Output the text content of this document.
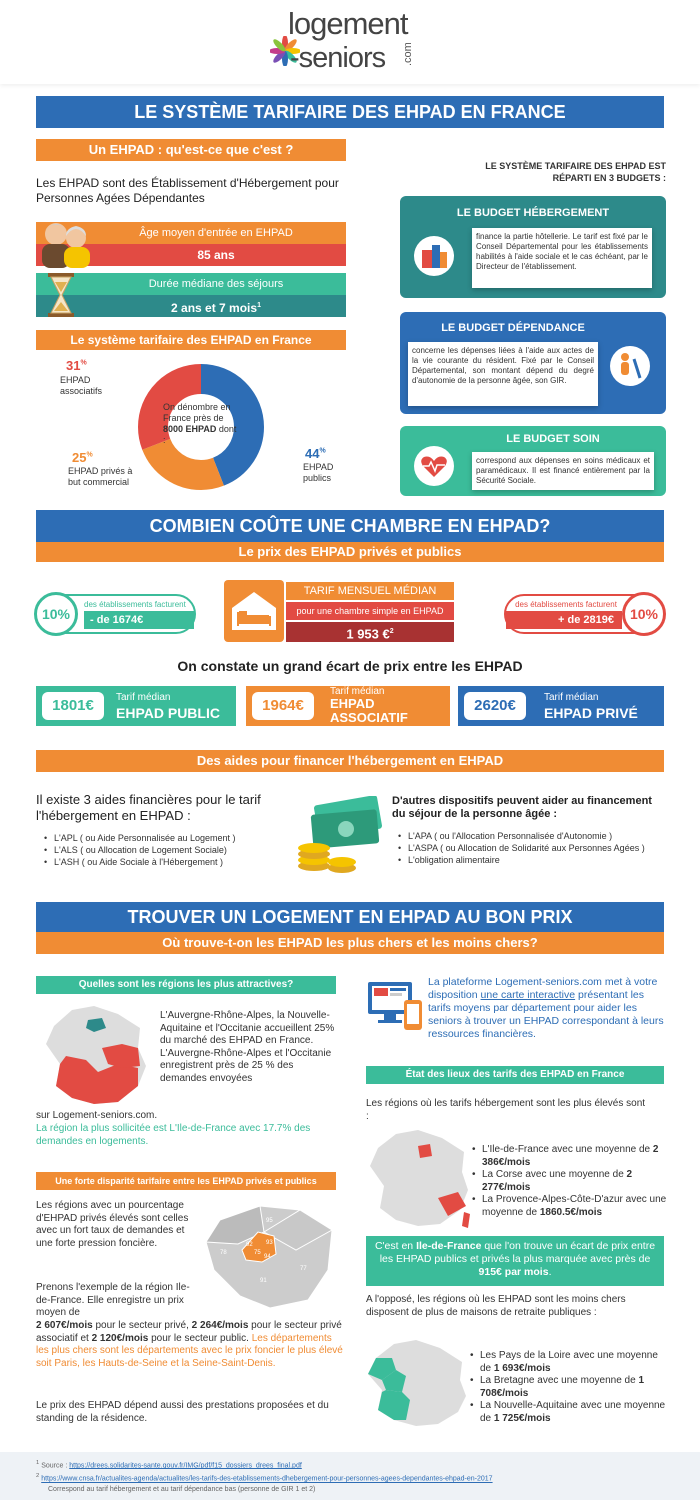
logement
-seniors .com
LE SYSTÈME TARIFAIRE DES EHPAD EN FRANCE
Un EHPAD : qu'est-ce que c'est ?
Les EHPAD sont des Établissement d'Hébergement pour Personnes Agées Dépendantes
Âge moyen d'entrée en EHPAD
85 ans
Durée médiane des séjours
2 ans et 7 mois$^1$
Le système tarifaire des EHPAD en France
On dénombre en France près de 8000 EHPAD dont :
31%
EHPAD associatifs
25%
EHPAD privés à but commercial
44%
EHPAD publics
LE SYSTÈME TARIFAIRE DES EHPAD EST
RÉPARTI EN 3 BUDGETS :
LE BUDGET HÉBERGEMENT
finance la partie hôtellerie. Le tarif est fixé par le Conseil Départemental pour les établissements habilités à l'aide sociale et le cas échéant, par le Directeur de l'établissement.
LE BUDGET DÉPENDANCE
concerne les dépenses liées à l'aide aux actes de la vie courante du résident. Fixé par le Conseil Départemental, son montant dépend du degré d'autonomie de la personne âgée, son GIR.
LE BUDGET SOIN
correspond aux dépenses en soins médicaux et paramédicaux. Il est financé entièrement par la Sécurité Sociale.
COMBIEN COÛTE UNE CHAMBRE EN EHPAD?
Le prix des EHPAD privés et publics
10%
des établissements facturent
- de 1674€
TARIF MENSUEL MÉDIAN
pour une chambre simple en EHPAD
1 953 €$^2$
des établissements facturent
+ de 2819€	10%
On constate un grand écart de prix entre les EHPAD
1801€	Tarif médian
EHPAD PUBLIC	1964€
Tarif médian
EHPAD ASSOCIATIF
2620€	Tarif médian
EHPAD PRIVÉ
Des aides pour financer l'hébergement en EHPAD
Il existe 3 aides financières pour le tarif l'hébergement en EHPAD :
• L'APL ( ou Aide Personnalisée au Logement )
• L'ALS ( ou Allocation de Logement Sociale)
• L'ASH ( ou Aide Sociale à l'Hébergement )
D'autres dispositifs peuvent aider au financement du séjour de la personne âgée :
• L'APA ( ou l'Allocation Personnalisée d'Autonomie )
• L'ASPA ( ou Allocation de Solidarité aux Personnes Agées )
• L'obligation alimentaire
TROUVER UN LOGEMENT EN EHPAD AU BON PRIX
Où trouve-t-on les EHPAD les plus chers et les moins chers?
Quelles sont les régions les plus attractives?
L'Auvergne-Rhône-Alpes, la Nouvelle-Aquitaine et l'Occitanie accueillent 25% du marché des EHPAD en France. L'Auvergne-Rhône-Alpes et l'Occitanie enregistrent près de 25 % des demandes envoyées
sur Logement-seniors.com.
La région la plus sollicitée est L'Ile-de-France avec 17.7% des demandes en logements.
Une forte disparité tarifaire entre les EHPAD privés et publics
Les régions avec un pourcentage d'EHPAD privés élevés sont celles avec un fort taux de demandes et une forte pression foncière.
95
78
92 93
94
75
91
77
Prenons l'exemple de la région Ile-de-France. Elle enregistre un prix moyen de
2 607€/mois pour le secteur privé, 2 264€/mois pour le secteur privé associatif et 2 120€/mois pour le secteur public. Les départements les plus chers sont les départements avec le prix foncier le plus élevé soit Paris, les Hauts-de-Seine et la Seine-Saint-Denis.
Le prix des EHPAD dépend aussi des prestations proposées et du standing de la résidence.
La plateforme Logement-seniors.com met à votre disposition une carte interactive présentant les tarifs moyens par département pour aider les seniors à trouver un EHPAD correspondant à leurs ressources financières.
État des lieux des tarifs des EHPAD en France
Les régions où les tarifs hébergement sont les plus élevés sont :
• L'Ile-de-France avec une moyenne de 2 386€/mois
• La Corse avec une moyenne de 2 277€/mois
• La Provence-Alpes-Côte-D'azur avec une moyenne de 1860.5€/mois
C'est en Ile-de-France que l'on trouve un écart de prix entre les EHPAD publics et privés la plus marquée avec près de 915€ par mois.
A l'opposé, les régions où les EHPAD sont les moins chers disposent de plus de maisons de retraite publiques :
• Les Pays de la Loire avec une moyenne de 1 693€/mois
• La Bretagne avec une moyenne de 1 708€/mois
• La Nouvelle-Aquitaine avec une moyenne de 1 725€/mois
$^1$ Source : https://drees.solidarites-sante.gouv.fr/IMG/pdf/f15_dossiers_drees_final.pdf
$^2$ https://www.cnsa.fr/actualites-agenda/actualites/les-tarifs-des-etablissements-dhebergement-pour-personnes-agees-dependantes-ehpad-en-2017
Correspond au tarif hébergement et au tarif dépendance bas (personne de GIR 1 et 2)
